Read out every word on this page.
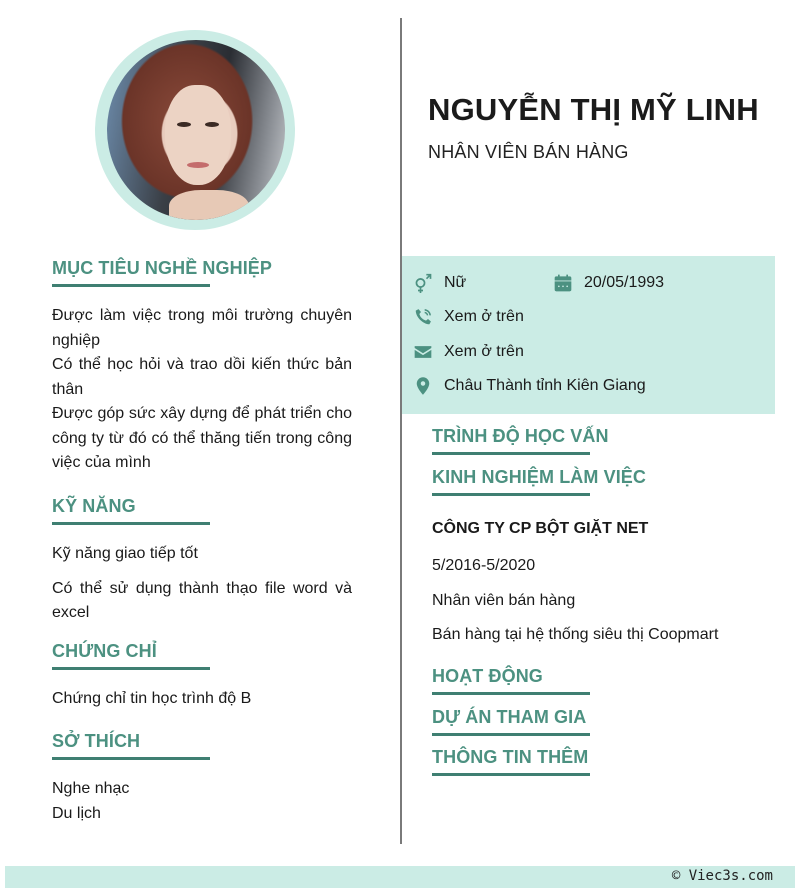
MỤC TIÊU NGHỀ NGHIỆP
Được làm việc trong môi trường chuyên nghiệp
Có thể học hỏi và trao dồi kiến thức bản thân
Được góp sức xây dựng để phát triển cho công ty từ đó có thể thăng tiến trong công việc của mình
KỸ NĂNG
Kỹ năng giao tiếp tốt
Có thể sử dụng thành thạo file word và excel
CHỨNG CHỈ
Chứng chỉ tin học trình độ B
SỞ THÍCH
Nghe nhạc
Du lịch
NGUYỄN THỊ MỸ LINH
NHÂN VIÊN BÁN HÀNG
Nữ	20/05/1993
Xem ở trên
Xem ở trên
Châu Thành tỉnh Kiên Giang
TRÌNH ĐỘ HỌC VẤN
KINH NGHIỆM LÀM VIỆC
CÔNG TY CP BỘT GIẶT NET
5/2016-5/2020
Nhân viên bán hàng
Bán hàng tại hệ thống siêu thị Coopmart
HOẠT ĐỘNG
DỰ ÁN THAM GIA
THÔNG TIN THÊM
© Viec3s.com
